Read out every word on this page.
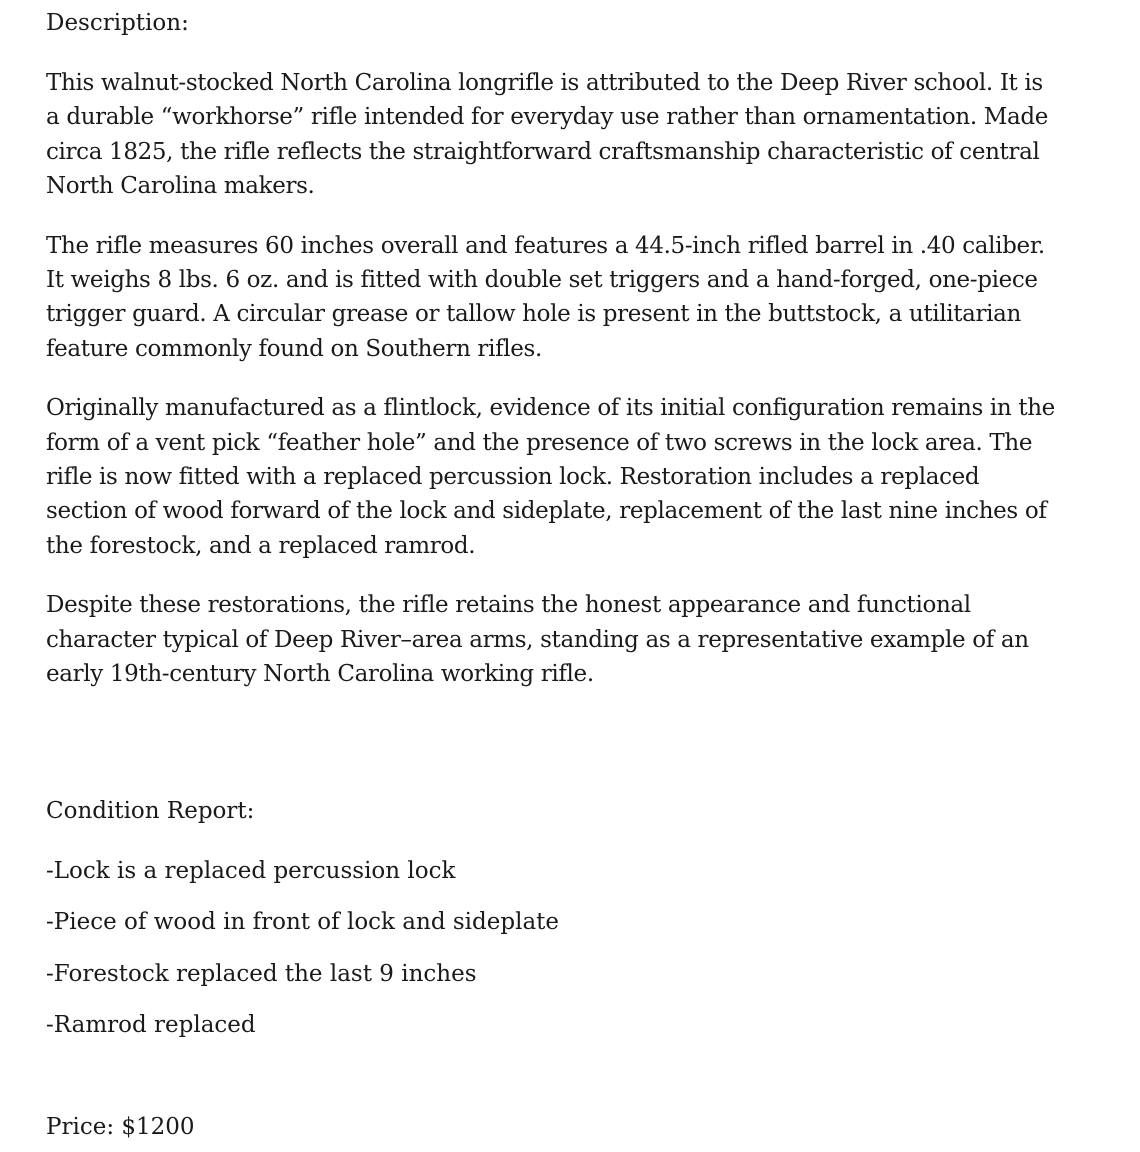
Description:

This walnut-stocked North Carolina longrifle is attributed to the Deep River school. It is a durable “workhorse” rifle intended for everyday use rather than ornamentation. Made circa 1825, the rifle reflects the straightforward craftsmanship characteristic of central North Carolina makers.

The rifle measures 60 inches overall and features a 44.5-inch rifled barrel in .40 caliber. It weighs 8 lbs. 6 oz. and is fitted with double set triggers and a hand-forged, one-piece trigger guard. A circular grease or tallow hole is present in the buttstock, a utilitarian feature commonly found on Southern rifles.

Originally manufactured as a flintlock, evidence of its initial configuration remains in the form of a vent pick “feather hole” and the presence of two screws in the lock area. The rifle is now fitted with a replaced percussion lock. Restoration includes a replaced section of wood forward of the lock and sideplate, replacement of the last nine inches of the forestock, and a replaced ramrod.

Despite these restorations, the rifle retains the honest appearance and functional character typical of Deep River–area arms, standing as a representative example of an early 19th-century North Carolina working rifle.

Condition Report:
-Lock is a replaced percussion lock
-Piece of wood in front of lock and sideplate
-Forestock replaced the last 9 inches
-Ramrod replaced

Price: $1200
